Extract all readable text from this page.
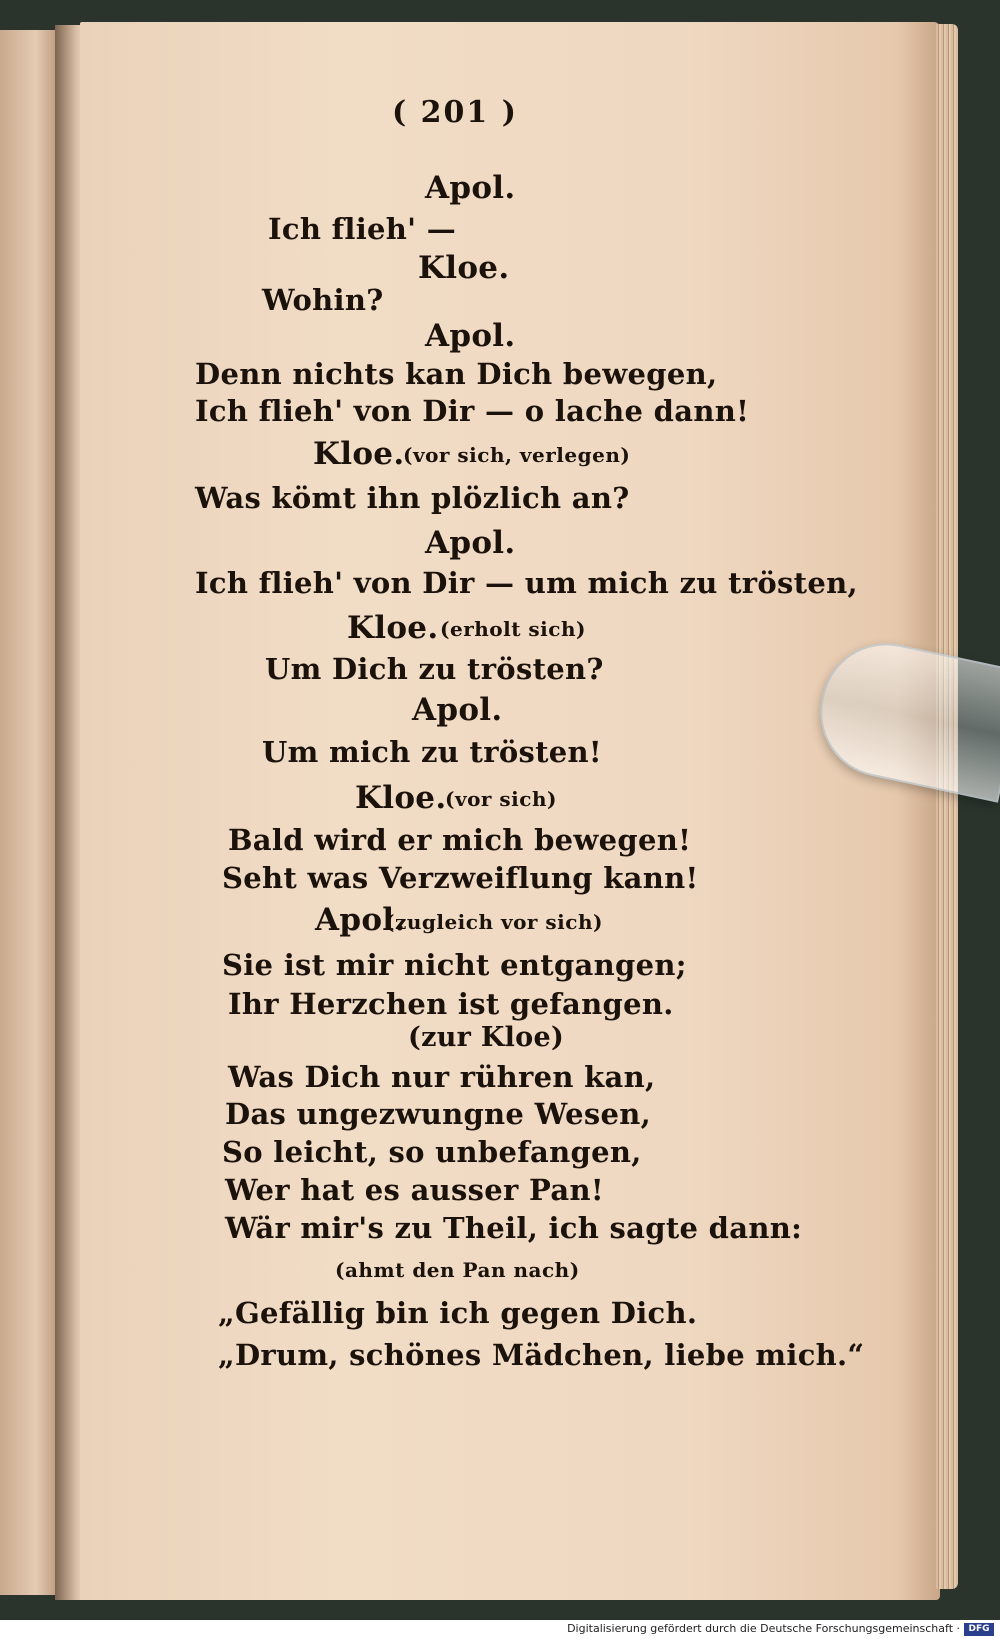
( 201 )
Apol.
Ich flieh' —
Kloe.
Wohin?
Apol.
Denn nichts kan Dich bewegen,
Ich flieh' von Dir — o lache dann!
Kloe.
(vor sich, verlegen)
Was kömt ihn plözlich an?
Apol.
Ich flieh' von Dir — um mich zu trösten,
Kloe. (erholt sich)
Um Dich zu trösten?
Apol.
Um mich zu trösten!
Kloe.
(vor sich)
Bald wird er mich bewegen!
Seht was Verzweiflung kann!
Apol.
(zugleich vor sich)
Sie ist mir nicht entgangen;
Ihr Herzchen ist gefangen.
(zur Kloe)
Was Dich nur rühren kan,
Das ungezwungne Wesen,
So leicht, so unbefangen,
Wer hat es ausser Pan!
Wär mir's zu Theil, ich sagte dann:
(ahmt den Pan nach)
„Gefällig bin ich gegen Dich.
„Drum, schönes Mädchen, liebe mich.“
Digitalisierung gefördert durch die Deutsche Forschungsgemeinschaft · DFG
